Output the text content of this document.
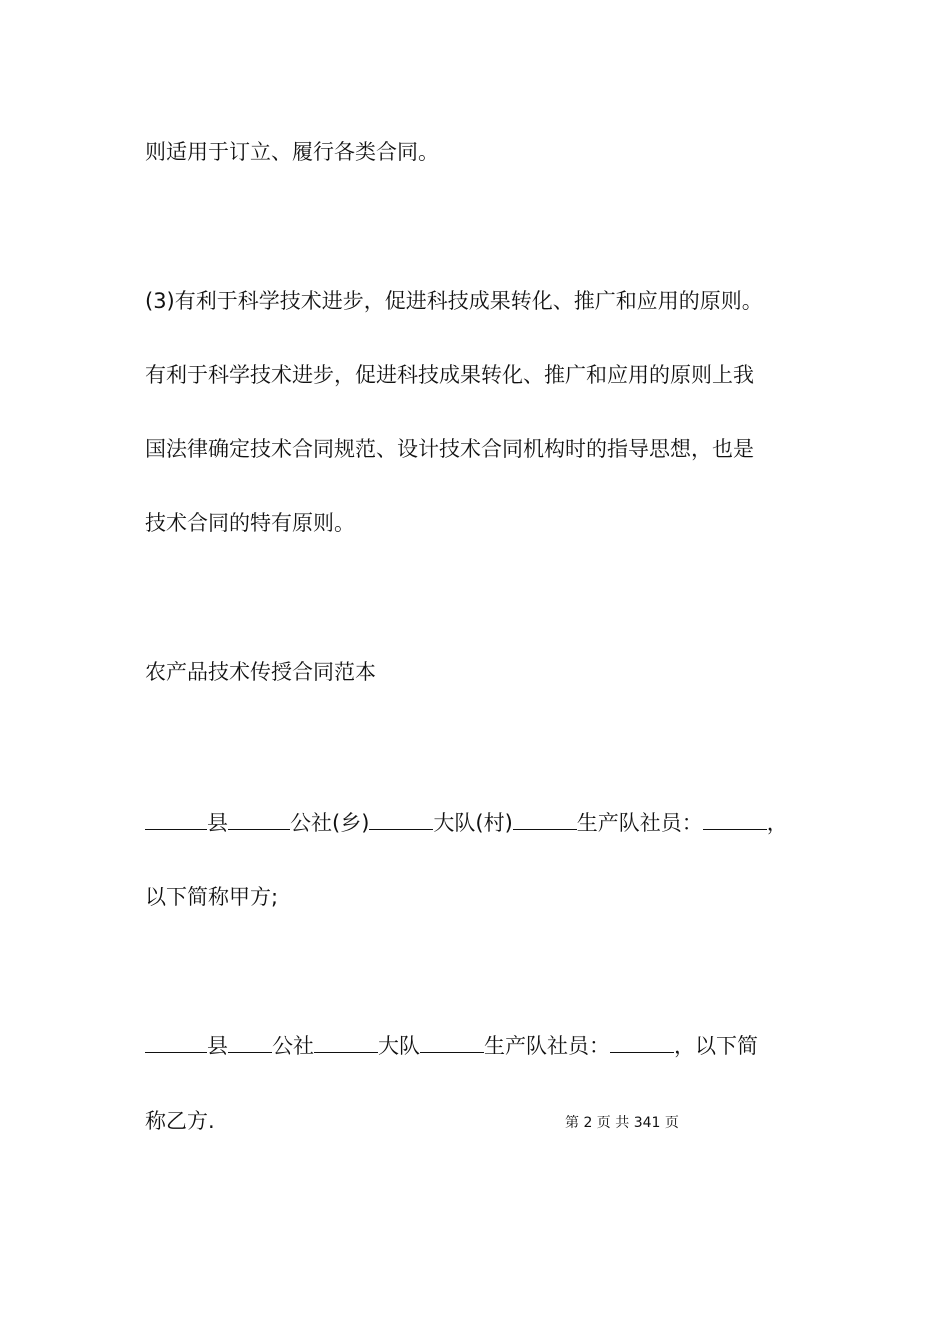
则适用于订立、履行各类合同。

(3)有利于科学技术进步，促进科技成果转化、推广和应用的原则。

有利于科学技术进步，促进科技成果转化、推广和应用的原则上我

国法律确定技术合同规范、设计技术合同机构时的指导思想，也是

技术合同的特有原则。

农产品技术传授合同范本

县	公社(乡)	大队(村)	生产队社员：	，

以下简称甲方;

县 公社	大队	生产队社员：	，以下简

称乙方.	第 2 页 共 341 页
